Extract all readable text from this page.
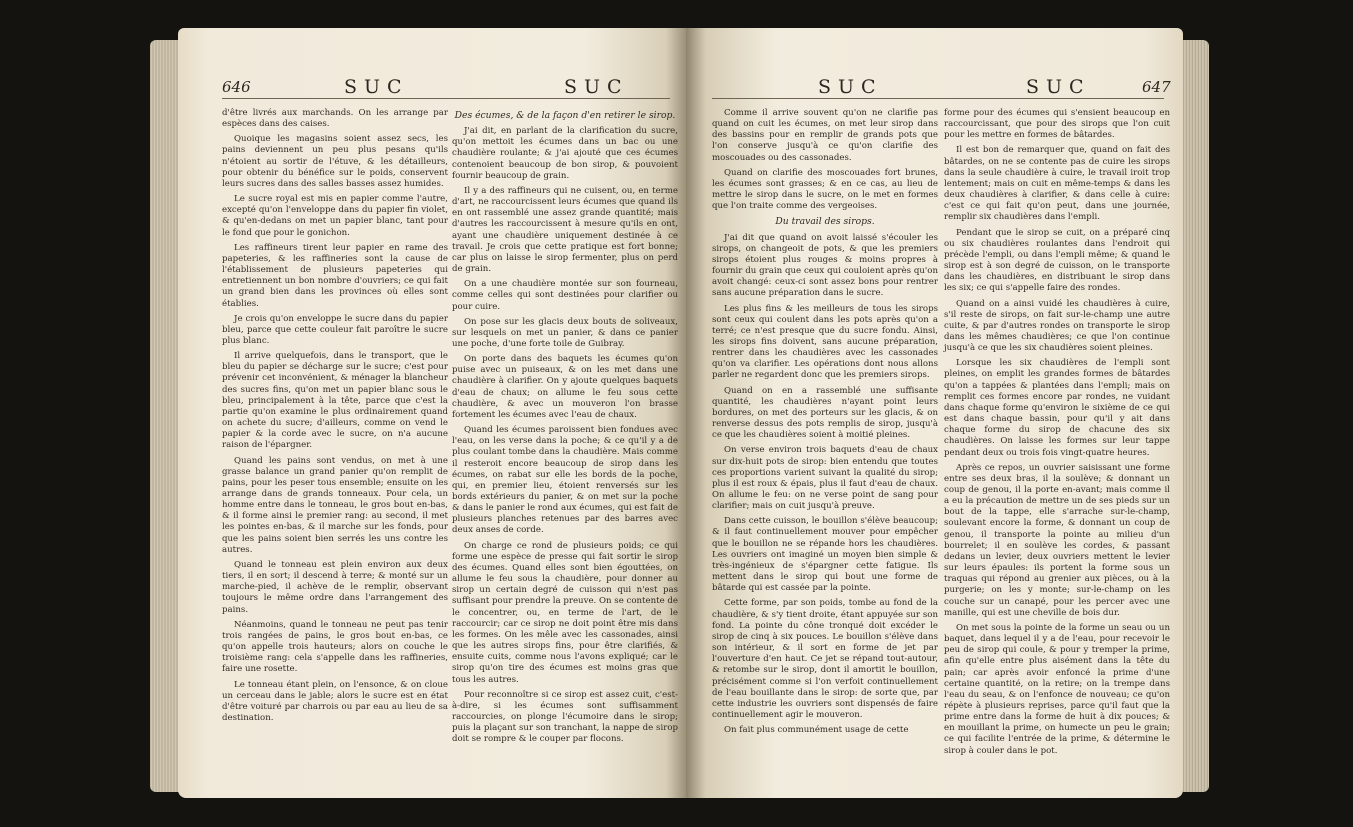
646	SUC	SUC

d'être livrés aux marchands. On les arrange par espèces dans des caises.

Quoique les magasins soient assez secs, les pains deviennent un peu plus pesans qu'ils n'étoient au sortir de l'étuve, & les détailleurs, pour obtenir du bénéfice sur le poids, conservent leurs sucres dans des salles basses assez humides.

Le sucre royal est mis en papier comme l'autre, excepté qu'on l'enveloppe dans du papier fin violet, & qu'en-dedans on met un papier blanc, tant pour le fond que pour le gonichon.

Les raffineurs tirent leur papier en rame des papeteries, & les raffineries sont la cause de l'établissement de plusieurs papeteries qui entretiennent un bon nombre d'ouvriers; ce qui fait un grand bien dans les provinces où elles sont établies.

Je crois qu'on enveloppe le sucre dans du papier bleu, parce que cette couleur fait paroître le sucre plus blanc.

Il arrive quelquefois, dans le transport, que le bleu du papier se décharge sur le sucre; c'est pour prévenir cet inconvénient, & ménager la blancheur des sucres fins, qu'on met un papier blanc sous le bleu, principalement à la tête, parce que c'est la partie qu'on examine le plus ordinairement quand on achete du sucre; d'ailleurs, comme on vend le papier & la corde avec le sucre, on n'a aucune raison de l'épargner.

Quand les pains sont vendus, on met à une grasse balance un grand panier qu'on remplit de pains, pour les peser tous ensemble; ensuite on les arrange dans de grands tonneaux. Pour cela, un homme entre dans le tonneau, le gros bout en-bas, & il forme ainsi le premier rang: au second, il met les pointes en-bas, & il marche sur les fonds, pour que les pains soient bien serrés les uns contre les autres.

Quand le tonneau est plein environ aux deux tiers, il en sort; il descend à terre; & monté sur un marche-pied, il achève de le remplir, observant toujours le même ordre dans l'arrangement des pains.

Néanmoins, quand le tonneau ne peut pas tenir trois rangées de pains, le gros bout en-bas, ce qu'on appelle trois hauteurs; alors on couche le troisième rang: cela s'appelle dans les raffineries, faire une rosette.

Le tonneau étant plein, on l'ensonce, & on cloue un cerceau dans le jable; alors le sucre est en état d'être voituré par charrois ou par eau au lieu de sa destination.

Des écumes, & de la façon d'en retirer le sirop.

J'ai dit, en parlant de la clarification du sucre, qu'on mettoit les écumes dans un bac ou une chaudière roulante; & j'ai ajouté que ces écumes contenoient beaucoup de bon sirop, & pouvoient fournir beaucoup de grain.

Il y a des raffineurs qui ne cuisent, ou, en terme d'art, ne raccourcissent leurs écumes que quand ils en ont rassemblé une assez grande quantité; mais d'autres les raccourcissent à mesure qu'ils en ont, ayant une chaudière uniquement destinée à ce travail. Je crois que cette pratique est fort bonne; car plus on laisse le sirop fermenter, plus on perd de grain.

On a une chaudière montée sur son fourneau, comme celles qui sont destinées pour clarifier ou pour cuire.

On pose sur les glacis deux bouts de soliveaux, sur lesquels on met un panier, & dans ce panier une poche, d'une forte toile de Guibray.

On porte dans des baquets les écumes qu'on puise avec un puiseaux, & on les met dans une chaudière à clarifier. On y ajoute quelques baquets d'eau de chaux; on allume le feu sous cette chaudière, & avec un mouveron l'on brasse fortement les écumes avec l'eau de chaux.

Quand les écumes paroissent bien fondues avec l'eau, on les verse dans la poche; & ce qu'il y a de plus coulant tombe dans la chaudière. Mais comme il resteroit encore beaucoup de sirop dans les écumes, on rabat sur elle les bords de la poche, qui, en premier lieu, étoient renversés sur les bords extérieurs du panier, & on met sur la poche & dans le panier le rond aux écumes, qui est fait de plusieurs planches retenues par des barres avec deux anses de corde.

On charge ce rond de plusieurs poids; ce qui forme une espèce de presse qui fait sortir le sirop des écumes. Quand elles sont bien égouttées, on allume le feu sous la chaudière, pour donner au sirop un certain degré de cuisson qui n'est pas suffisant pour prendre la preuve. On se contente de le concentrer, ou, en terme de l'art, de le raccourcir; car ce sirop ne doit point être mis dans les formes. On les mêle avec les cassonades, ainsi que les autres sirops fins, pour être clarifiés, & ensuite cuits, comme nous l'avons expliqué; car le sirop qu'on tire des écumes est moins gras que tous les autres.

Pour reconnoître si ce sirop est assez cuit, c'est-à-dire, si les écumes sont suffisamment raccourcies, on plonge l'écumoire dans le sirop; puis la plaçant sur son tranchant, la nappe de sirop doit se rompre & le couper par flocons.

SUC	SUC	647

Comme il arrive souvent qu'on ne clarifie pas quand on cuit les écumes, on met leur sirop dans des bassins pour en remplir de grands pots que l'on conserve jusqu'à ce qu'on clarifie des moscouades ou des cassonades.

Quand on clarifie des moscouades fort brunes, les écumes sont grasses; & en ce cas, au lieu de mettre le sirop dans le sucre, on le met en formes que l'on traite comme des vergeoises.

Du travail des sirops.

J'ai dit que quand on avoit laissé s'écouler les sirops, on changeoit de pots, & que les premiers sirops étoient plus rouges & moins propres à fournir du grain que ceux qui couloient après qu'on avoit changé: ceux-ci sont assez bons pour rentrer sans aucune préparation dans le sucre.

Les plus fins & les meilleurs de tous les sirops sont ceux qui coulent dans les pots après qu'on a terré; ce n'est presque que du sucre fondu. Ainsi, les sirops fins doivent, sans aucune préparation, rentrer dans les chaudières avec les cassonades qu'on va clarifier. Les opérations dont nous allons parler ne regardent donc que les premiers sirops.

Quand on en a rassemblé une suffisante quantité, les chaudières n'ayant point leurs bordures, on met des porteurs sur les glacis, & on renverse dessus des pots remplis de sirop, jusqu'à ce que les chaudières soient à moitié pleines.

On verse environ trois baquets d'eau de chaux sur dix-huit pots de sirop: bien entendu que toutes ces proportions varient suivant la qualité du sirop; plus il est roux & épais, plus il faut d'eau de chaux. On allume le feu: on ne verse point de sang pour clarifier; mais on cuit jusqu'à preuve.

Dans cette cuisson, le bouillon s'élève beaucoup; & il faut continuellement mouver pour empêcher que le bouillon ne se répande hors les chaudières. Les ouvriers ont imaginé un moyen bien simple & très-ingénieux de s'épargner cette fatigue. Ils mettent dans le sirop qui bout une forme de bâtarde qui est cassée par la pointe.

Cette forme, par son poids, tombe au fond de la chaudière, & s'y tient droite, étant appuyée sur son fond. La pointe du cône tronqué doit excéder le sirop de cinq à six pouces. Le bouillon s'élève dans son intérieur, & il sort en forme de jet par l'ouverture d'en haut. Ce jet se répand tout-autour, & retombe sur le sirop, dont il amortit le bouillon, précisément comme si l'on verfoit continuellement de l'eau bouillante dans le sirop: de sorte que, par cette industrie les ouvriers sont dispensés de faire continuellement agir le mouveron.

On fait plus communément usage de cette

forme pour des écumes qui s'ensient beaucoup en raccourcissant, que pour des sirops que l'on cuit pour les mettre en formes de bâtardes.

Il est bon de remarquer que, quand on fait des bâtardes, on ne se contente pas de cuire les sirops dans la seule chaudière à cuire, le travail iroit trop lentement; mais on cuit en même-temps & dans les deux chaudières à clarifier, & dans celle à cuire: c'est ce qui fait qu'on peut, dans une journée, remplir six chaudières dans l'empli.

Pendant que le sirop se cuit, on a préparé cinq ou six chaudières roulantes dans l'endroit qui précède l'empli, ou dans l'empli même; & quand le sirop est à son degré de cuisson, on le transporte dans les chaudières, en distribuant le sirop dans les six; ce qui s'appelle faire des rondes.

Quand on a ainsi vuidé les chaudières à cuire, s'il reste de sirops, on fait sur-le-champ une autre cuite, & par d'autres rondes on transporte le sirop dans les mêmes chaudières; ce que l'on continue jusqu'à ce que les six chaudières soient pleines.

Lorsque les six chaudières de l'empli sont pleines, on emplit les grandes formes de bâtardes qu'on a tappées & plantées dans l'empli; mais on remplit ces formes encore par rondes, ne vuidant dans chaque forme qu'environ le sixième de ce qui est dans chaque bassin, pour qu'il y ait dans chaque forme du sirop de chacune des six chaudières. On laisse les formes sur leur tappe pendant deux ou trois fois vingt-quatre heures.

Après ce repos, un ouvrier saisissant une forme entre ses deux bras, il la soulève; & donnant un coup de genou, il la porte en-avant; mais comme il a eu la précaution de mettre un de ses pieds sur un bout de la tappe, elle s'arrache sur-le-champ, soulevant encore la forme, & donnant un coup de genou, il transporte la pointe au milieu d'un bourrelet; il en soulève les cordes, & passant dedans un levier, deux ouvriers mettent le levier sur leurs épaules: ils portent la forme sous un traquas qui répond au grenier aux pièces, ou à la purgerie; on les y monte; sur-le-champ on les couche sur un canapé, pour les percer avec une manille, qui est une cheville de bois dur.

On met sous la pointe de la forme un seau ou un baquet, dans lequel il y a de l'eau, pour recevoir le peu de sirop qui coule, & pour y tremper la prime, afin qu'elle entre plus aisément dans la tête du pain; car après avoir enfoncé la prime d'une certaine quantité, on la retire; on la trempe dans l'eau du seau, & on l'enfonce de nouveau; ce qu'on répète à plusieurs reprises, parce qu'il faut que la prime entre dans la forme de huit à dix pouces; & en mouillant la prime, on humecte un peu le grain; ce qui facilite l'entrée de la prime, & détermine le sirop à couler dans le pot.
